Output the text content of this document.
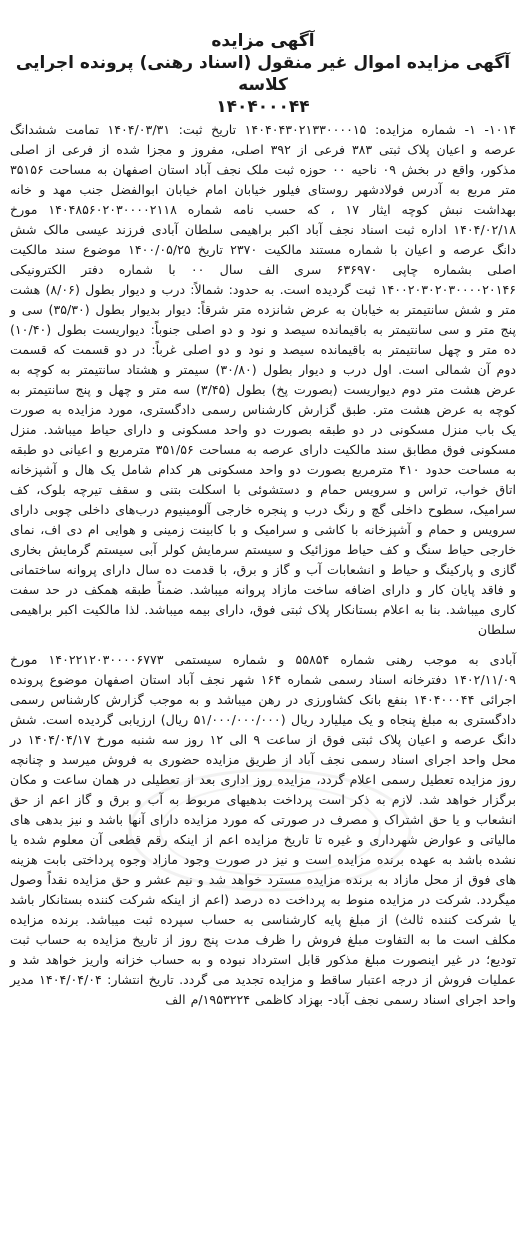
آگهی مزایده
آگهی مزایده اموال غیر منقول (اسناد رهنی) پرونده اجرایی کلاسه
۱۴۰۴۰۰۰۴۴

۱۰۱۴- ۱- شماره مزایده: ۱۴۰۴۰۴۳۰۲۱۳۳۰۰۰۰۱۵ تاریخ ثبت: ۱۴۰۴/۰۳/۳۱ تمامت ششدانگ عرصه و اعیان پلاک ثبتی ۳۸۳ فرعی از ۳۹۲ اصلی، مفروز و مجزا شده از فرعی از اصلی مذکور، واقع در بخش ۰۹ ناحیه ۰۰ حوزه ثبت ملک نجف آباد استان اصفهان به مساحت ۳۵۱۵۶ متر مربع به آدرس فولادشهر روستای فیلور خیابان امام خیابان ابوالفضل جنب مهد و خانه بهداشت نبش کوچه ایثار ۱۷ ، که حسب نامه شماره ۱۴۰۴۸۵۶۰۲۰۳۰۰۰۰۲۱۱۸ مورخ ۱۴۰۴/۰۲/۱۸ اداره ثبت اسناد نجف آباد اکبر براهیمی سلطان آبادی فرزند عیسی مالک شش دانگ عرصه و اعیان با شماره مستند مالکیت ۲۳۷۰ تاریخ ۱۴۰۰/۰۵/۲۵ موضوع سند مالکیت اصلی بشماره چاپی ۶۳۶۹۷۰ سری الف سال ۰۰ با شماره دفتر الکترونیکی ۱۴۰۰۲۰۳۰۲۰۳۰۰۰۰۲۰۱۴۶ ثبت گردیده است. به حدود: شمالاً: درب و دیوار بطول (۸/۰۶) هشت متر و شش سانتیمتر به خیابان به عرض شانزده متر شرقاً: دیوار بدیوار بطول (۳۵/۳۰) سی و پنج متر و سی سانتیمتر به باقیمانده سیصد و نود و دو اصلی جنوباً: دیواریست بطول (۱۰/۴۰) ده متر و چهل سانتیمتر به باقیمانده سیصد و نود و دو اصلی غرباً: در دو قسمت که قسمت دوم آن شمالی است. اول درب و دیوار بطول (۳۰/۸۰) سیمتر و هشتاد سانتیمتر به کوچه به عرض هشت متر دوم دیواریست (بصورت پخ) بطول (۳/۴۵) سه متر و چهل و پنج سانتیمتر به کوچه به عرض هشت متر. طبق گزارش کارشناس رسمی دادگستری، مورد مزایده به صورت یک باب منزل مسکونی در دو طبقه بصورت دو واحد مسکونی و دارای حیاط میباشد. منزل مسکونی فوق مطابق سند مالکیت دارای عرصه به مساحت ۳۵۱/۵۶ مترمربع و اعیانی دو طبقه به مساحت حدود ۴۱۰ مترمربع بصورت دو واحد مسکونی هر کدام شامل یک هال و آشپزخانه اتاق خواب، تراس و سرویس حمام و دستشوئی با اسکلت بتنی و سقف تیرچه بلوک، کف سرامیک، سطوح داخلی گچ و رنگ درب و پنجره خارجی آلومینیوم درب‌های داخلی چوبی دارای سرویس و حمام و آشپزخانه با کاشی و سرامیک و با کابینت زمینی و هوایی ام دی اف، نمای خارجی حیاط سنگ و کف حیاط موزائیک و سیستم سرمایش کولر آبی سیستم گرمایش بخاری گازی و پارکینگ و حیاط و انشعابات آب و گاز و برق، با قدمت ده سال دارای پروانه ساختمانی و فاقد پایان کار و دارای اضافه ساخت مازاد پروانه میباشد. ضمناً طبقه همکف در حد سفت کاری میباشد. بنا به اعلام بستانکار پلاک ثبتی فوق، دارای بیمه میباشد. لذا مالکیت اکبر براهیمی سلطان

آبادی به موجب رهنی شماره ۵۵۸۵۴ و شماره سیستمی ۱۴۰۲۲۱۲۰۳۰۰۰۰۶۷۷۳ مورخ ۱۴۰۲/۱۱/۰۹ دفترخانه اسناد رسمی شماره ۱۶۴ شهر نجف آباد استان اصفهان موضوع پرونده اجرائی ۱۴۰۴۰۰۰۴۴ بنفع بانک کشاورزی در رهن میباشد و به موجب گزارش کارشناس رسمی دادگستری به مبلغ پنجاه و یک میلیارد ریال (۵۱/۰۰۰/۰۰۰/۰۰۰ ریال) ارزیابی گردیده است. شش دانگ عرصه و اعیان پلاک ثبتی فوق از ساعت ۹ الی ۱۲ روز سه شنبه مورخ ۱۴۰۴/۰۴/۱۷ در محل واحد اجرای اسناد رسمی نجف آباد از طریق مزایده حضوری به فروش میرسد و چنانچه روز مزایده تعطیل رسمی اعلام گردد، مزایده روز اداری بعد از تعطیلی در همان ساعت و مکان برگزار خواهد شد. لازم به ذکر است پرداخت بدهیهای مربوط به آب و برق و گاز اعم از حق انشعاب و یا حق اشتراک و مصرف در صورتی که مورد مزایده دارای آنها باشد و نیز بدهی های مالیاتی و عوارض شهرداری و غیره تا تاریخ مزایده اعم از اینکه رقم قطعی آن معلوم شده یا نشده باشد به عهده برنده مزایده است و نیز در صورت وجود مازاد وجوه پرداختی بابت هزینه های فوق از محل مازاد به برنده مزایده مسترد خواهد شد و نیم عشر و حق مزایده نقداً وصول میگردد. شرکت در مزایده منوط به پرداخت ده درصد (اعم از اینکه شرکت کننده بستانکار باشد یا شرکت کننده ثالث) از مبلغ پایه کارشناسی به حساب سپرده ثبت میباشد. برنده مزایده مکلف است ما به التفاوت مبلغ فروش را ظرف مدت پنج روز از تاریخ مزایده به حساب ثبت تودیع؛ در غیر اینصورت مبلغ مذکور قابل استرداد نبوده و به حساب خزانه واریز خواهد شد و عملیات فروش از درجه اعتبار ساقط و مزایده تجدید می گردد. تاریخ انتشار: ۱۴۰۴/۰۴/۰۴ مدیر واحد اجرای اسناد رسمی نجف آباد- بهزاد کاظمی ۱۹۵۳۲۲۴/م الف
